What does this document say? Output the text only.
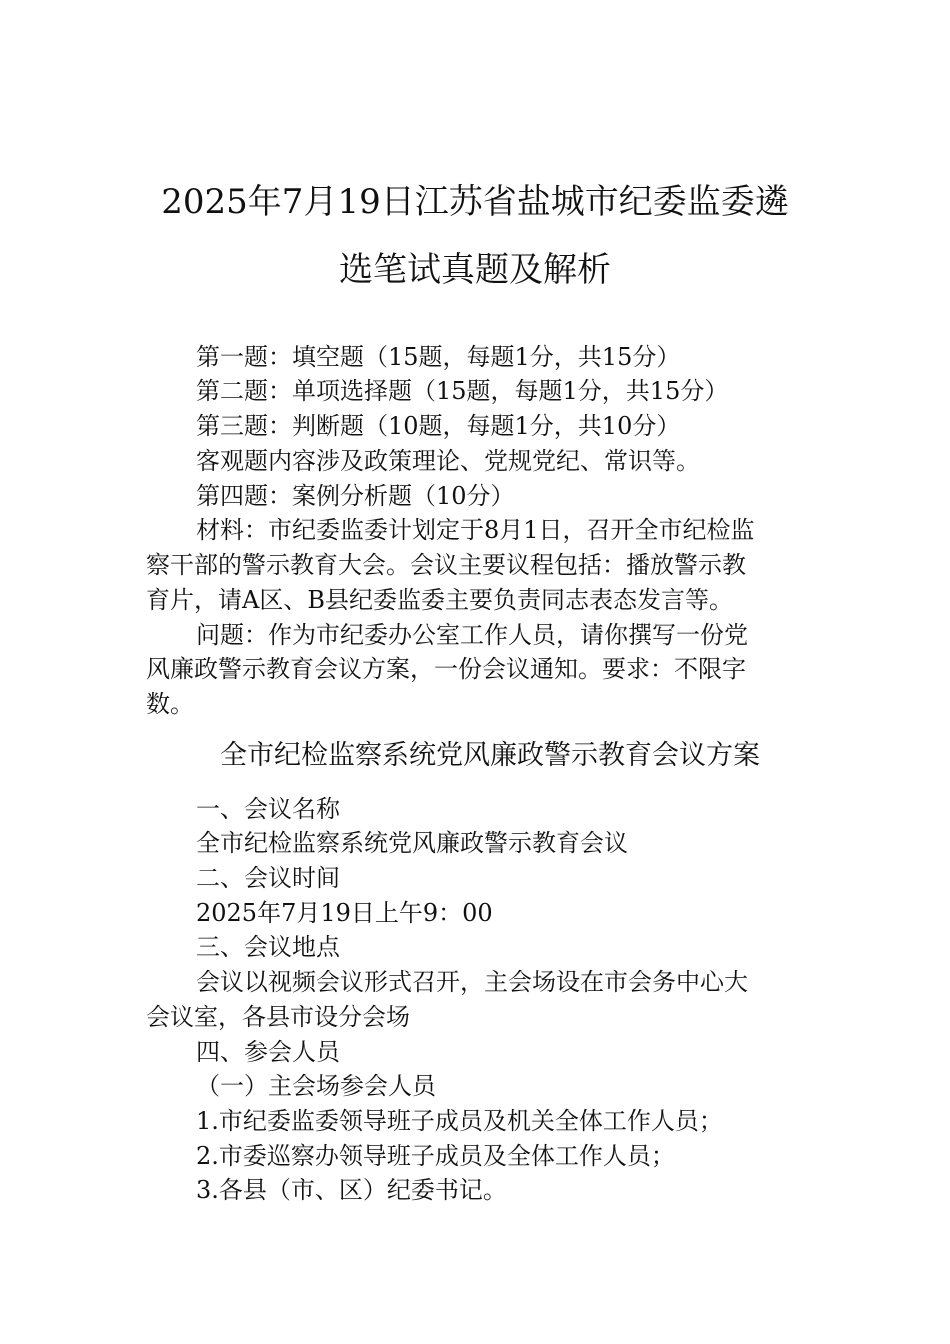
2025年7月19日江苏省盐城市纪委监委遴
选笔试真题及解析
第一题：填空题（15题，每题1分，共15分）
第二题：单项选择题（15题，每题1分，共15分）
第三题：判断题（10题，每题1分，共10分）
客观题内容涉及政策理论、党规党纪、常识等。
第四题：案例分析题（10分）
材料：市纪委监委计划定于8月1日，召开全市纪检监
察干部的警示教育大会。会议主要议程包括：播放警示教
育片，请A区、B县纪委监委主要负责同志表态发言等。
问题：作为市纪委办公室工作人员，请你撰写一份党
风廉政警示教育会议方案，一份会议通知。要求：不限字
数。
全市纪检监察系统党风廉政警示教育会议方案
一、会议名称
全市纪检监察系统党风廉政警示教育会议
二、会议时间
2025年7月19日上午9：00
三、会议地点
会议以视频会议形式召开，主会场设在市会务中心大
会议室，各县市设分会场
四、参会人员
（一）主会场参会人员
1.市纪委监委领导班子成员及机关全体工作人员；
2.市委巡察办领导班子成员及全体工作人员；
3.各县（市、区）纪委书记。
